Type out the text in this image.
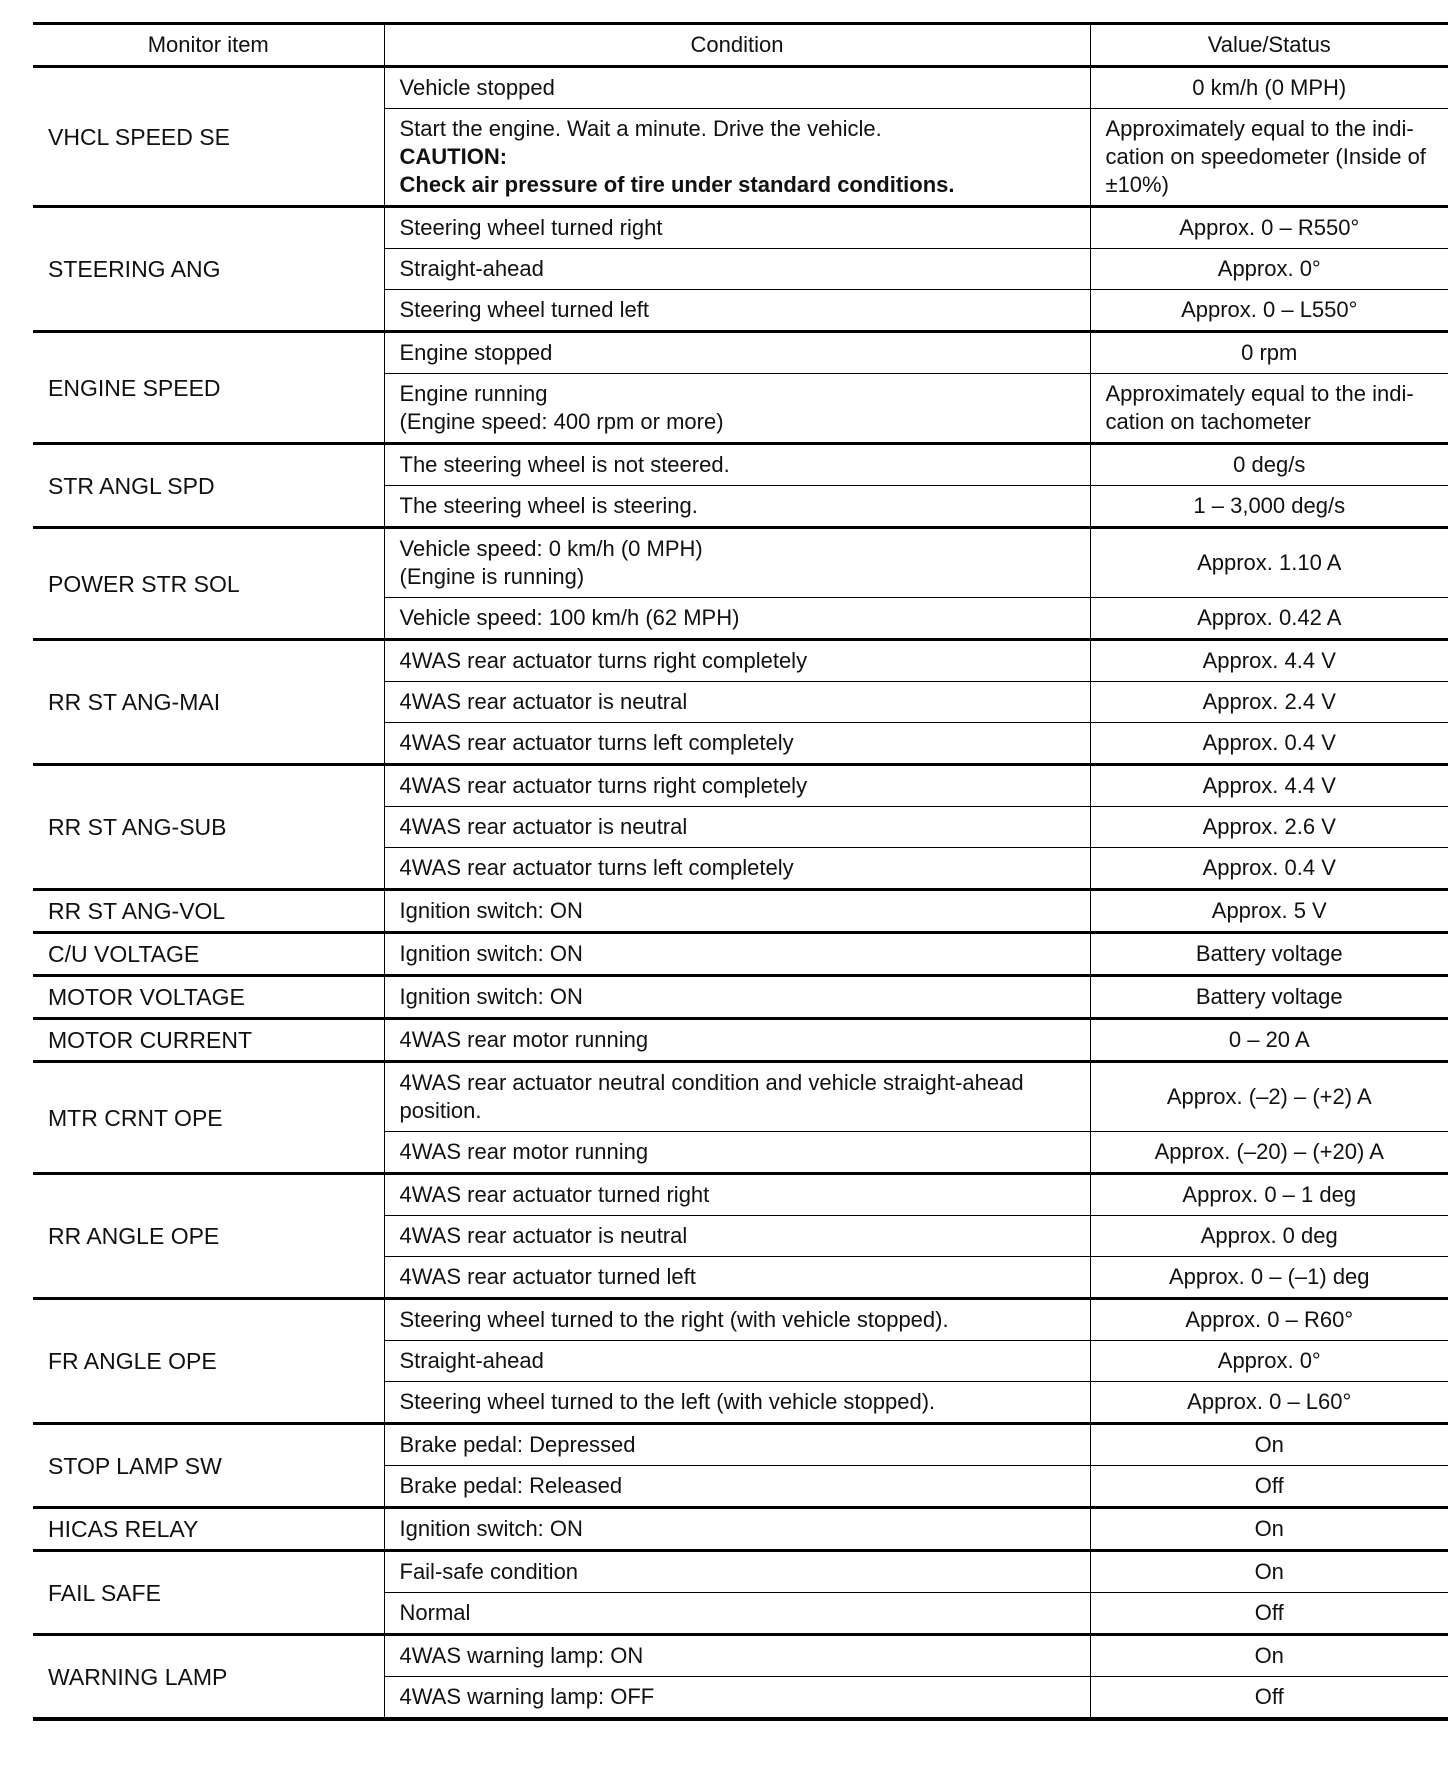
Monitor item	Condition	Value/Status
VHCL SPEED SE	Vehicle stopped	0 km/h (0 MPH)

	Start the engine. Wait a minute. Drive the vehicle.
CAUTION:
Check air pressure of tire under standard conditions.	Approximately equal to the indi-cation on speedometer (Inside of ±10%)
STEERING ANG	Steering wheel turned right	Approx. 0 – R550°

	Straight-ahead	Approx. 0°

	Steering wheel turned left	Approx. 0 – L550°
ENGINE SPEED	Engine stopped	0 rpm

	Engine running
(Engine speed: 400 rpm or more)	Approximately equal to the indi-cation on tachometer
STR ANGL SPD	The steering wheel is not steered.	0 deg/s

	The steering wheel is steering.	1 – 3,000 deg/s
POWER STR SOL	Vehicle speed: 0 km/h (0 MPH)
(Engine is running)	Approx. 1.10 A

	Vehicle speed: 100 km/h (62 MPH)	Approx. 0.42 A
RR ST ANG-MAI	4WAS rear actuator turns right completely	Approx. 4.4 V

	4WAS rear actuator is neutral	Approx. 2.4 V

	4WAS rear actuator turns left completely	Approx. 0.4 V
RR ST ANG-SUB	4WAS rear actuator turns right completely	Approx. 4.4 V

	4WAS rear actuator is neutral	Approx. 2.6 V

	4WAS rear actuator turns left completely	Approx. 0.4 V
RR ST ANG-VOL	Ignition switch: ON	Approx. 5 V
C/U VOLTAGE	Ignition switch: ON	Battery voltage
MOTOR VOLTAGE	Ignition switch: ON	Battery voltage
MOTOR CURRENT	4WAS rear motor running	0 – 20 A
MTR CRNT OPE	4WAS rear actuator neutral condition and vehicle straight-ahead position.	Approx. (–2) – (+2) A

	4WAS rear motor running	Approx. (–20) – (+20) A
RR ANGLE OPE	4WAS rear actuator turned right	Approx. 0 – 1 deg

	4WAS rear actuator is neutral	Approx. 0 deg

	4WAS rear actuator turned left	Approx. 0 – (–1) deg
FR ANGLE OPE	Steering wheel turned to the right (with vehicle stopped).	Approx. 0 – R60°

	Straight-ahead	Approx. 0°

	Steering wheel turned to the left (with vehicle stopped).	Approx. 0 – L60°
STOP LAMP SW	Brake pedal: Depressed	On

	Brake pedal: Released	Off
HICAS RELAY	Ignition switch: ON	On
FAIL SAFE	Fail-safe condition	On

	Normal	Off
WARNING LAMP	4WAS warning lamp: ON	On

	4WAS warning lamp: OFF	Off
